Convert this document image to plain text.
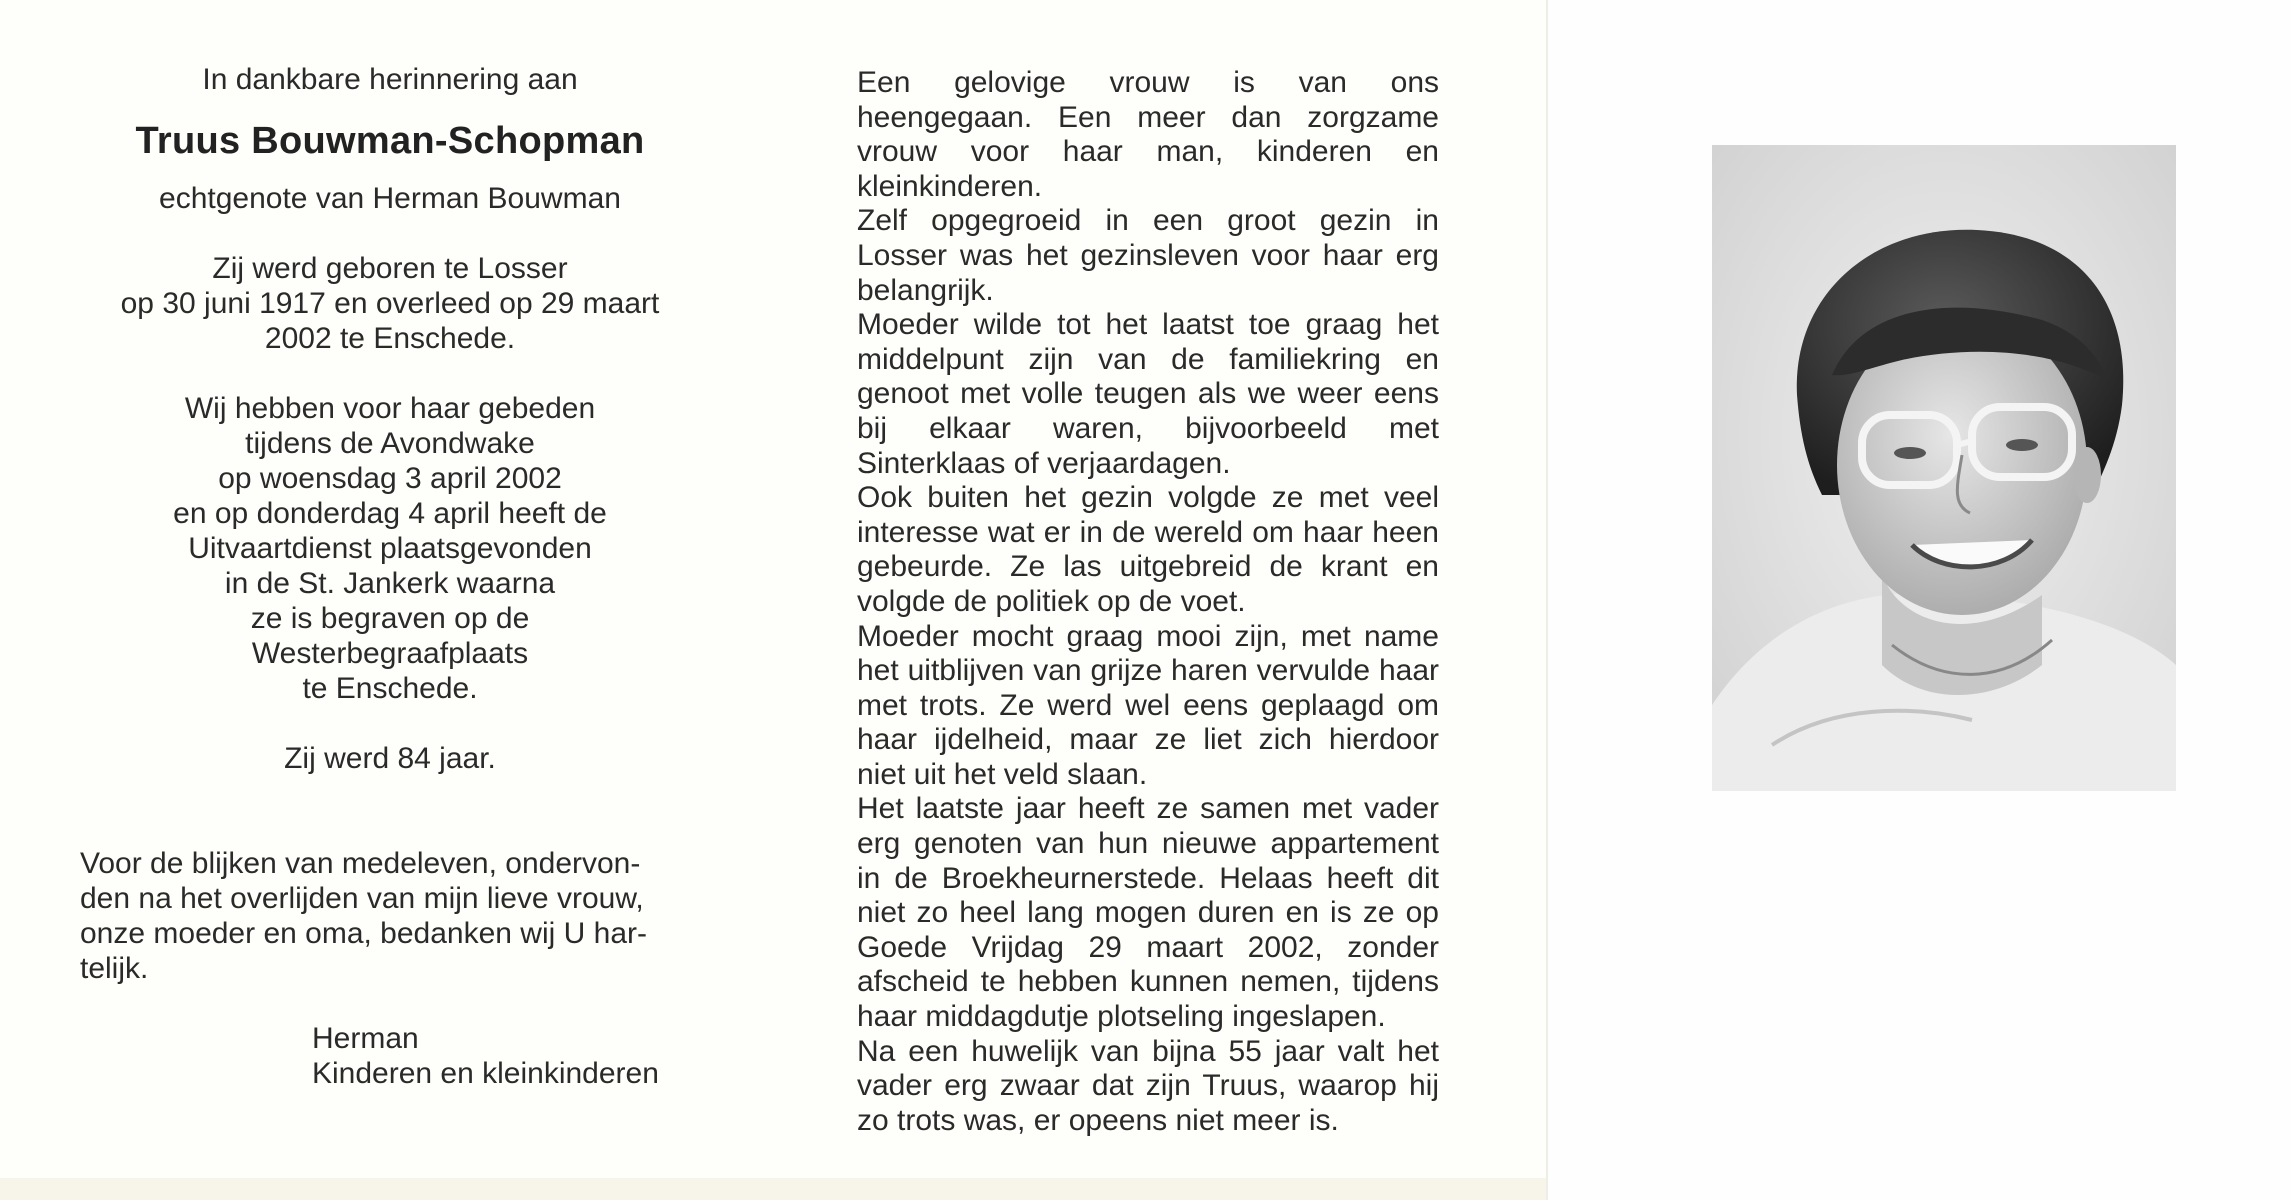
In dankbare herinnering aan

Truus Bouwman-Schopman

echtgenote van Herman Bouwman

Zij werd geboren te Losser

op 30 juni 1917 en overleed op 29 maart

2002 te Enschede.

Wij hebben voor haar gebeden

tijdens de Avondwake

op woensdag 3 april 2002

en op donderdag 4 april heeft de

Uitvaartdienst plaatsgevonden

in de St. Jankerk waarna

ze is begraven op de

Westerbegraafplaats

te Enschede.

Zij werd 84 jaar.

Voor de blijken van medeleven, ondervon-

den na het overlijden van mijn lieve vrouw,

onze moeder en oma, bedanken wij U har-

telijk.

Herman

Kinderen en kleinkinderen

Een gelovige vrouw is van ons heengegaan. Een meer dan zorgzame vrouw voor haar man, kinderen en kleinkinderen.

Zelf opgegroeid in een groot gezin in Losser was het gezinsleven voor haar erg belangrijk.

Moeder wilde tot het laatst toe graag het middelpunt zijn van de familiekring en genoot met volle teugen als we weer eens bij elkaar waren, bijvoorbeeld met Sinterklaas of verjaardagen.

Ook buiten het gezin volgde ze met veel interesse wat er in de wereld om haar heen gebeurde. Ze las uitgebreid de krant en volgde de politiek op de voet.

Moeder mocht graag mooi zijn, met name het uitblijven van grijze haren vervulde haar met trots. Ze werd wel eens geplaagd om haar ijdelheid, maar ze liet zich hierdoor niet uit het veld slaan.

Het laatste jaar heeft ze samen met vader erg genoten van hun nieuwe appartement in de Broekheurnerstede. Helaas heeft dit niet zo heel lang mogen duren en is ze op Goede Vrijdag 29 maart 2002, zonder afscheid te hebben kunnen nemen, tijdens haar middagdutje plotseling ingeslapen.

Na een huwelijk van bijna 55 jaar valt het vader erg zwaar dat zijn Truus, waarop hij zo trots was, er opeens niet meer is.
